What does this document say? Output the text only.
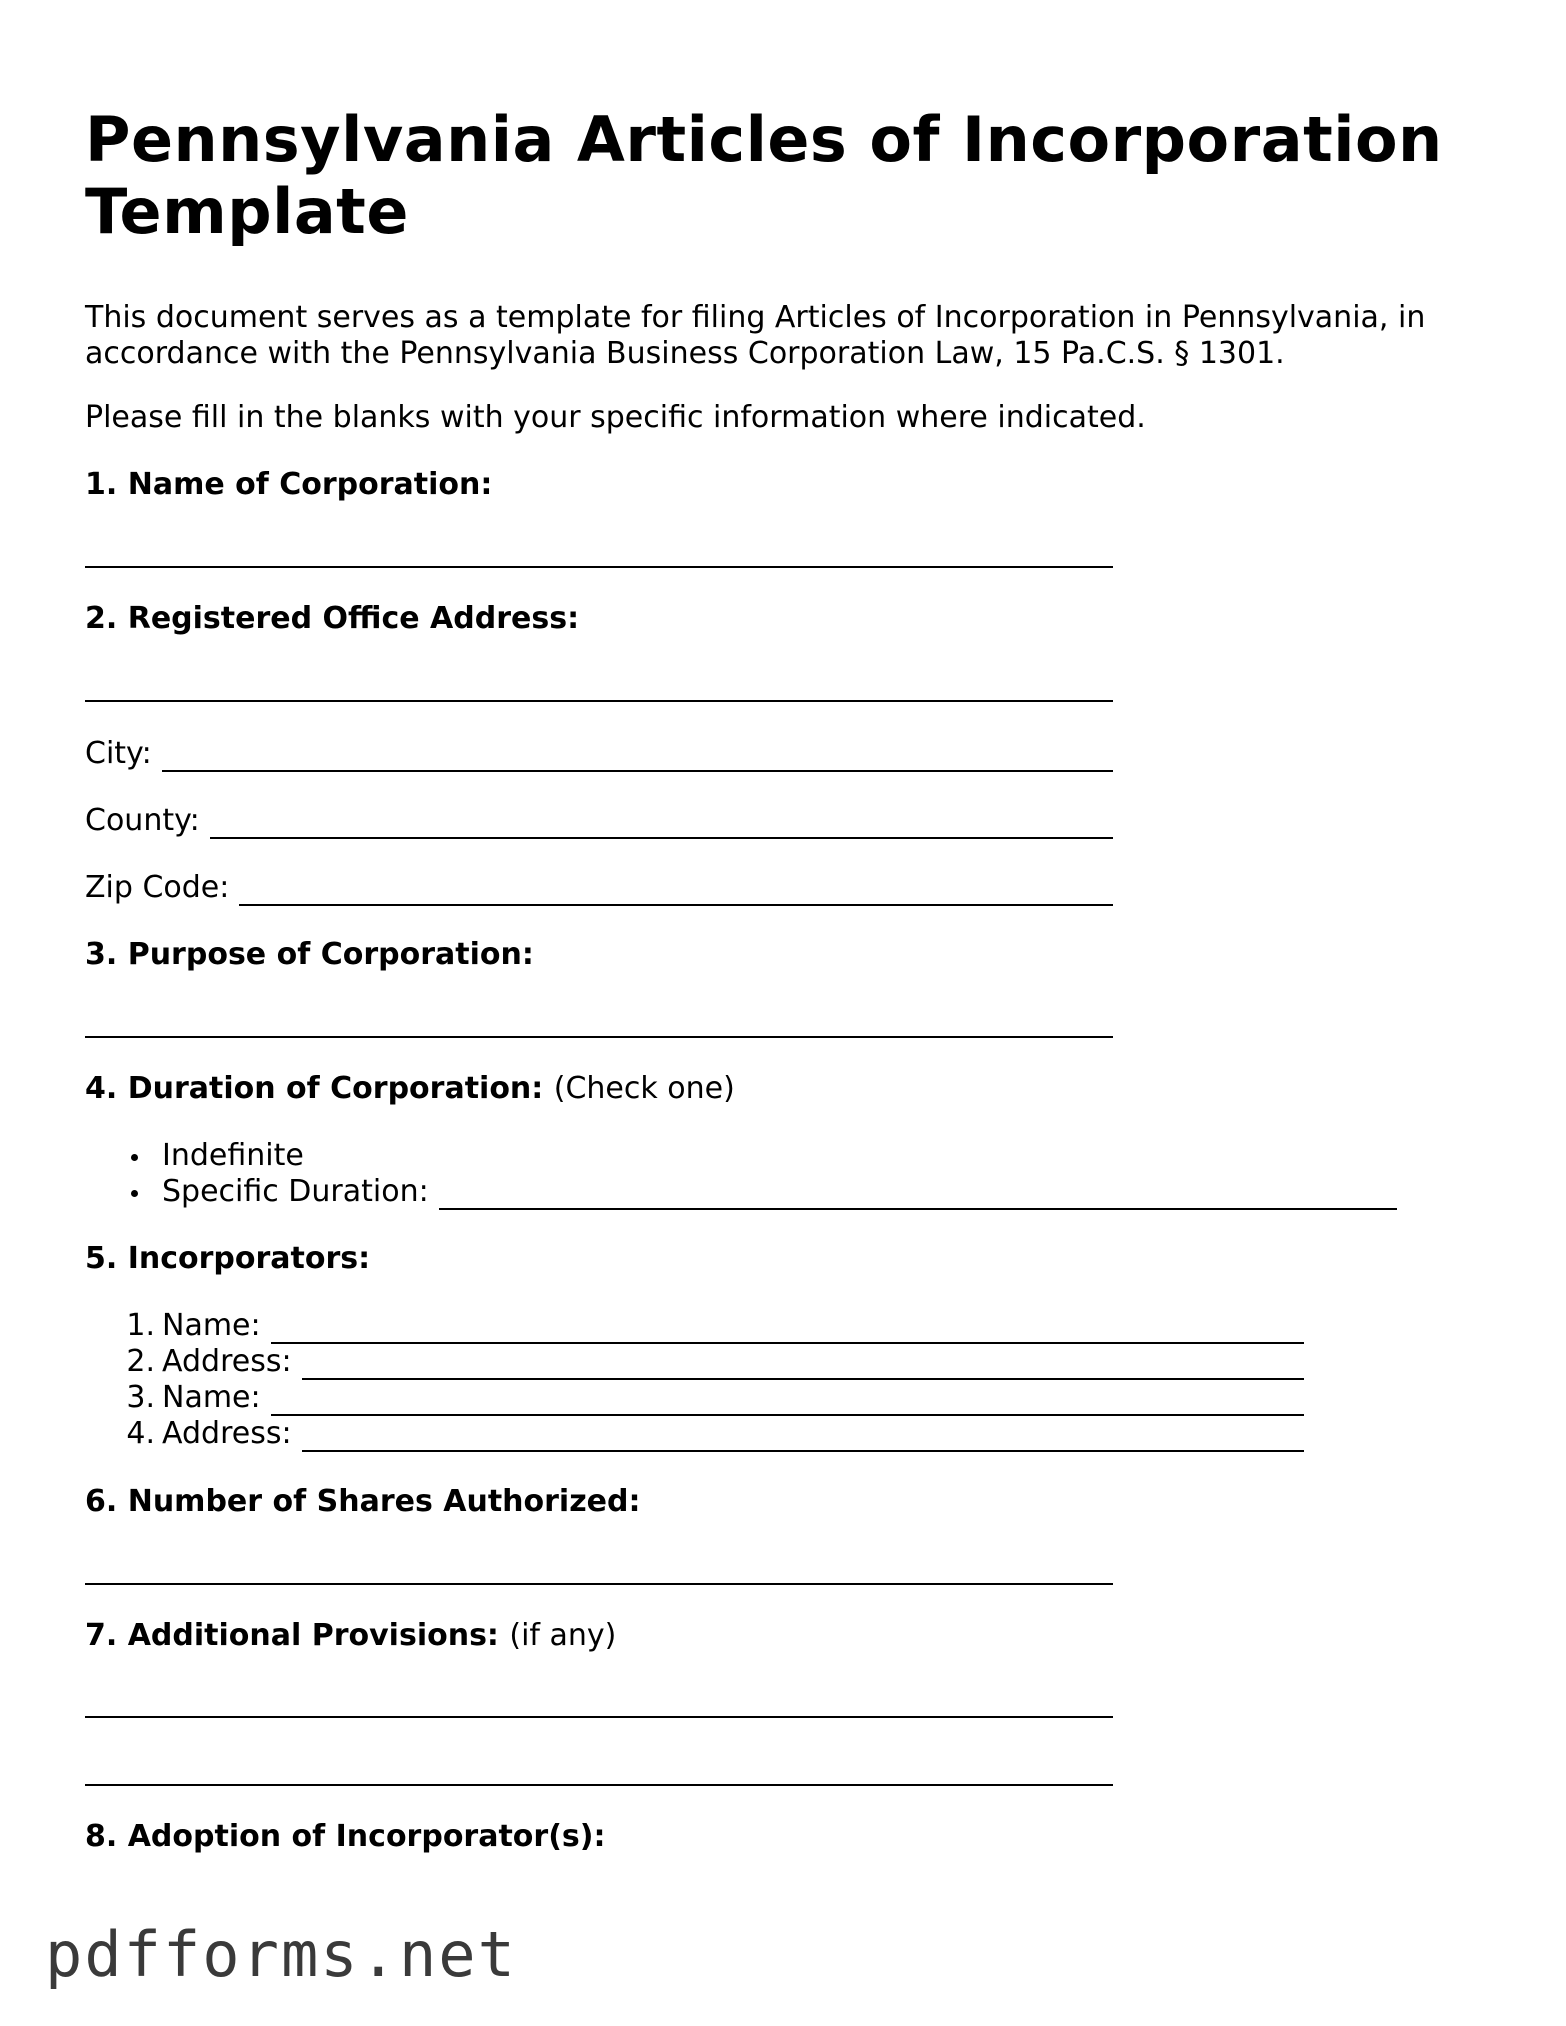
Pennsylvania Articles of Incorporation Template

This document serves as a template for filing Articles of Incorporation in Pennsylvania, in accordance with the Pennsylvania Business Corporation Law, 15 Pa.C.S. § 1301.

Please fill in the blanks with your specific information where indicated.

1. Name of Corporation:
2. Registered Office Address:
City:
County:
Zip Code:
3. Purpose of Corporation:
4. Duration of Corporation: (Check one)
Indefinite
Specific Duration:
5. Incorporators:
1. Name:
2. Address:
3. Name:
4. Address:
6. Number of Shares Authorized:
7. Additional Provisions: (if any)
8. Adoption of Incorporator(s):
pdfforms.net
